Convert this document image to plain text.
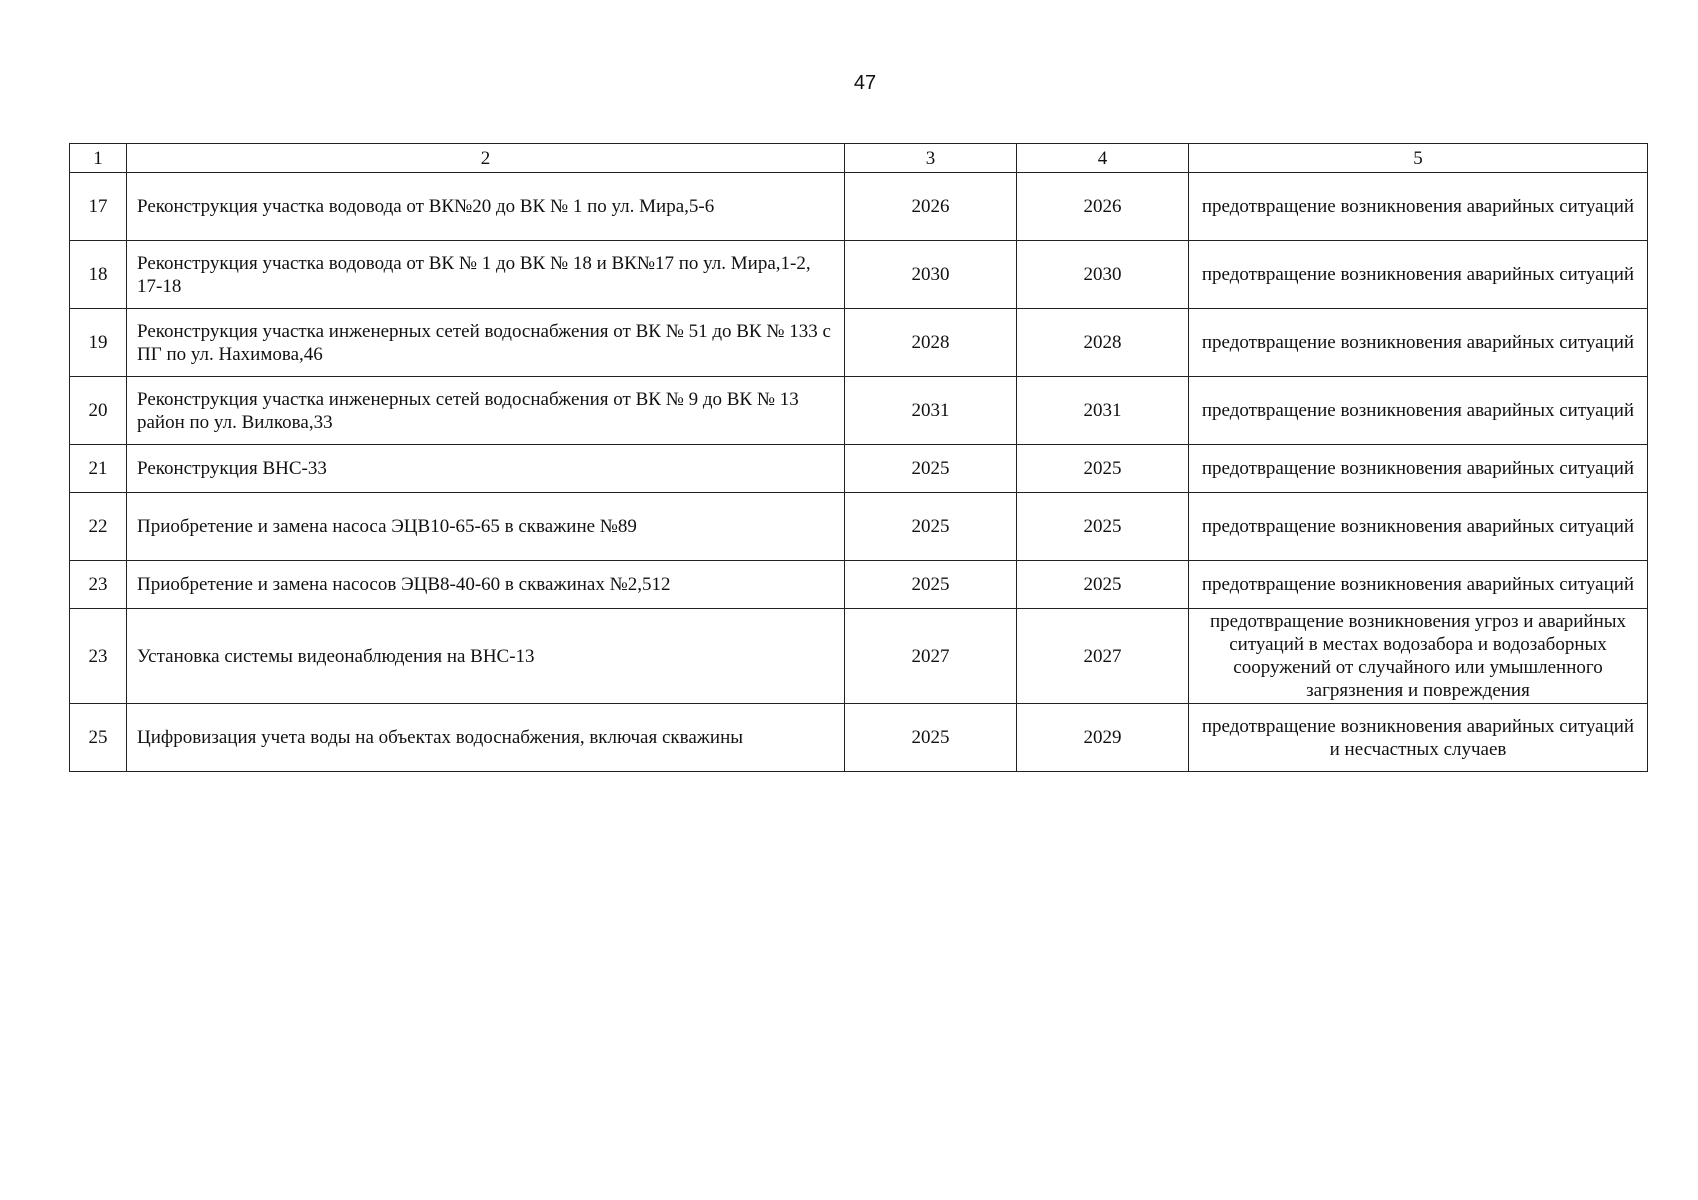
47
1	2	3	4	5
17	Реконструкция участка водовода от ВК№20 до ВК № 1 по ул. Мира,5-6	2026	2026	предотвращение возникновения аварийных ситуаций
18	Реконструкция участка водовода от ВК № 1 до ВК № 18 и ВК№17 по ул. Мира,1-2, 17-18	2030	2030	предотвращение возникновения аварийных ситуаций
19	Реконструкция участка инженерных сетей водоснабжения от ВК № 51 до ВК № 133 с ПГ по ул. Нахимова,46	2028	2028	предотвращение возникновения аварийных ситуаций
20	Реконструкция участка инженерных сетей водоснабжения от ВК № 9 до ВК № 13 район по ул. Вилкова,33	2031	2031	предотвращение возникновения аварийных ситуаций
21	Реконструкция ВНС-33	2025	2025	предотвращение возникновения аварийных ситуаций
22	Приобретение и замена насоса ЭЦВ10-65-65 в скважине №89	2025	2025	предотвращение возникновения аварийных ситуаций
23	Приобретение и замена насосов ЭЦВ8-40-60 в скважинах №2,512	2025	2025	предотвращение возникновения аварийных ситуаций
23	Установка системы видеонаблюдения на ВНС-13	2027	2027	предотвращение возникновения угроз и аварийных ситуаций в местах водозабора и водозаборных сооружений от случайного или умышленного загрязнения и повреждения
25	Цифровизация учета воды на объектах водоснабжения, включая скважины	2025	2029	предотвращение возникновения аварийных ситуаций и несчастных случаев
